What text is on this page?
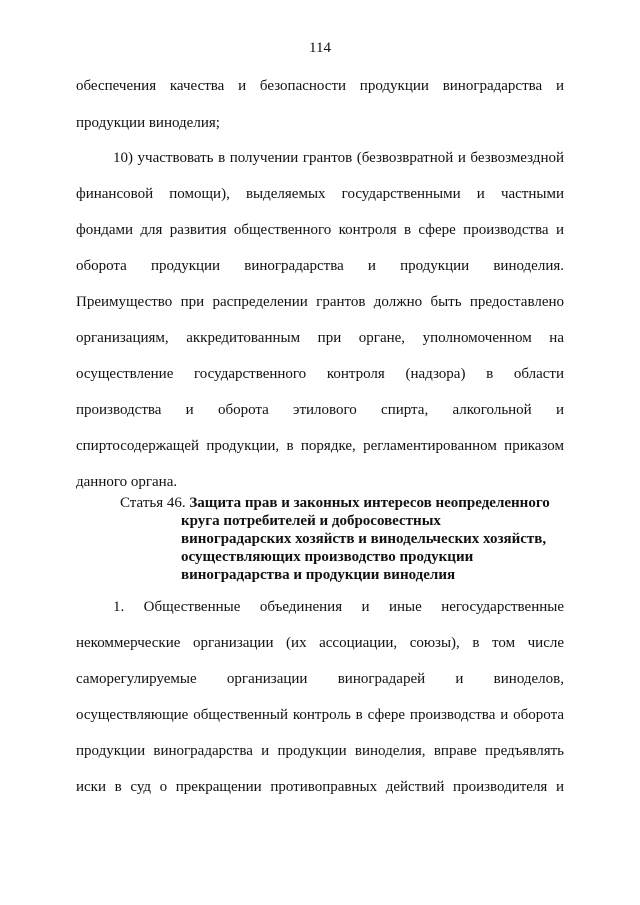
114
обеспечения качества и безопасности продукции виноградарства и
продукции виноделия;
10) участвовать в получении грантов (безвозвратной и безвозмездной
финансовой помощи), выделяемых государственными и частными
фондами для развития общественного контроля в сфере производства и
оборота продукции виноградарства и продукции виноделия.
Преимущество при распределении грантов должно быть предоставлено
организациям, аккредитованным при органе, уполномоченном на
осуществление государственного контроля (надзора) в области
производства и оборота этилового спирта, алкогольной и
спиртосодержащей продукции, в порядке, регламентированном приказом
данного органа.
Статья 46. Защита прав и законных интересов неопределенного
круга потребителей и добросовестных
виноградарских хозяйств и винодельческих хозяйств,
осуществляющих производство продукции
виноградарства и продукции виноделия
1. Общественные объединения и иные негосударственные
некоммерческие организации (их ассоциации, союзы), в том числе
саморегулируемые организации виноградарей и виноделов,
осуществляющие общественный контроль в сфере производства и оборота
продукции виноградарства и продукции виноделия, вправе предъявлять
иски в суд о прекращении противоправных действий производителя и
